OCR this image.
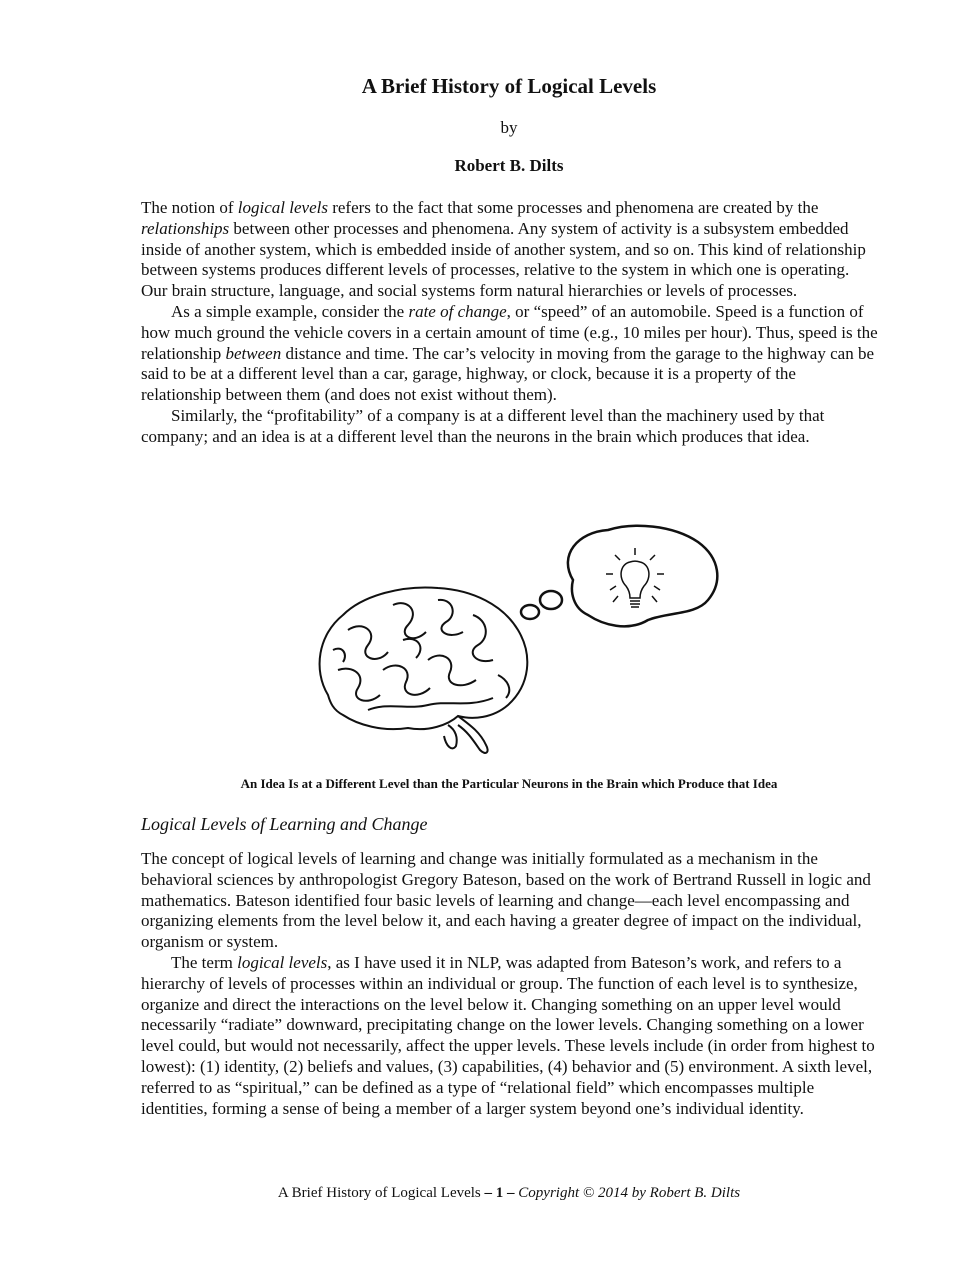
A Brief History of Logical Levels
by
Robert B. Dilts

The notion of logical levels refers to the fact that some processes and phenomena are created by the relationships between other processes and phenomena. Any system of activity is a subsystem embedded inside of another system, which is embedded inside of another system, and so on. This kind of relationship between systems produces different levels of processes, relative to the system in which one is operating. Our brain structure, language, and social systems form natural hierarchies or levels of processes.

As a simple example, consider the rate of change, or “speed” of an automobile. Speed is a function of how much ground the vehicle covers in a certain amount of time (e.g., 10 miles per hour). Thus, speed is the relationship between distance and time. The car’s velocity in moving from the garage to the highway can be said to be at a different level than a car, garage, highway, or clock, because it is a property of the relationship between them (and does not exist without them).

Similarly, the “profitability” of a company is at a different level than the machinery used by that company; and an idea is at a different level than the neurons in the brain which produces that idea.

An Idea Is at a Different Level than the Particular Neurons in the Brain which Produce that Idea
Logical Levels of Learning and Change

The concept of logical levels of learning and change was initially formulated as a mechanism in the behavioral sciences by anthropologist Gregory Bateson, based on the work of Bertrand Russell in logic and mathematics. Bateson identified four basic levels of learning and change—each level encompassing and organizing elements from the level below it, and each having a greater degree of impact on the individual, organism or system.

The term logical levels, as I have used it in NLP, was adapted from Bateson’s work, and refers to a hierarchy of levels of processes within an individual or group. The function of each level is to synthesize, organize and direct the interactions on the level below it. Changing something on an upper level would necessarily “radiate” downward, precipitating change on the lower levels. Changing something on a lower level could, but would not necessarily, affect the upper levels. These levels include (in order from highest to lowest): (1) identity, (2) beliefs and values, (3) capabilities, (4) behavior and (5) environment. A sixth level, referred to as “spiritual,” can be defined as a type of “relational field” which encompasses multiple identities, forming a sense of being a member of a larger system beyond one’s individual identity.

A Brief History of Logical Levels – 1 – Copyright © 2014 by Robert B. Dilts
